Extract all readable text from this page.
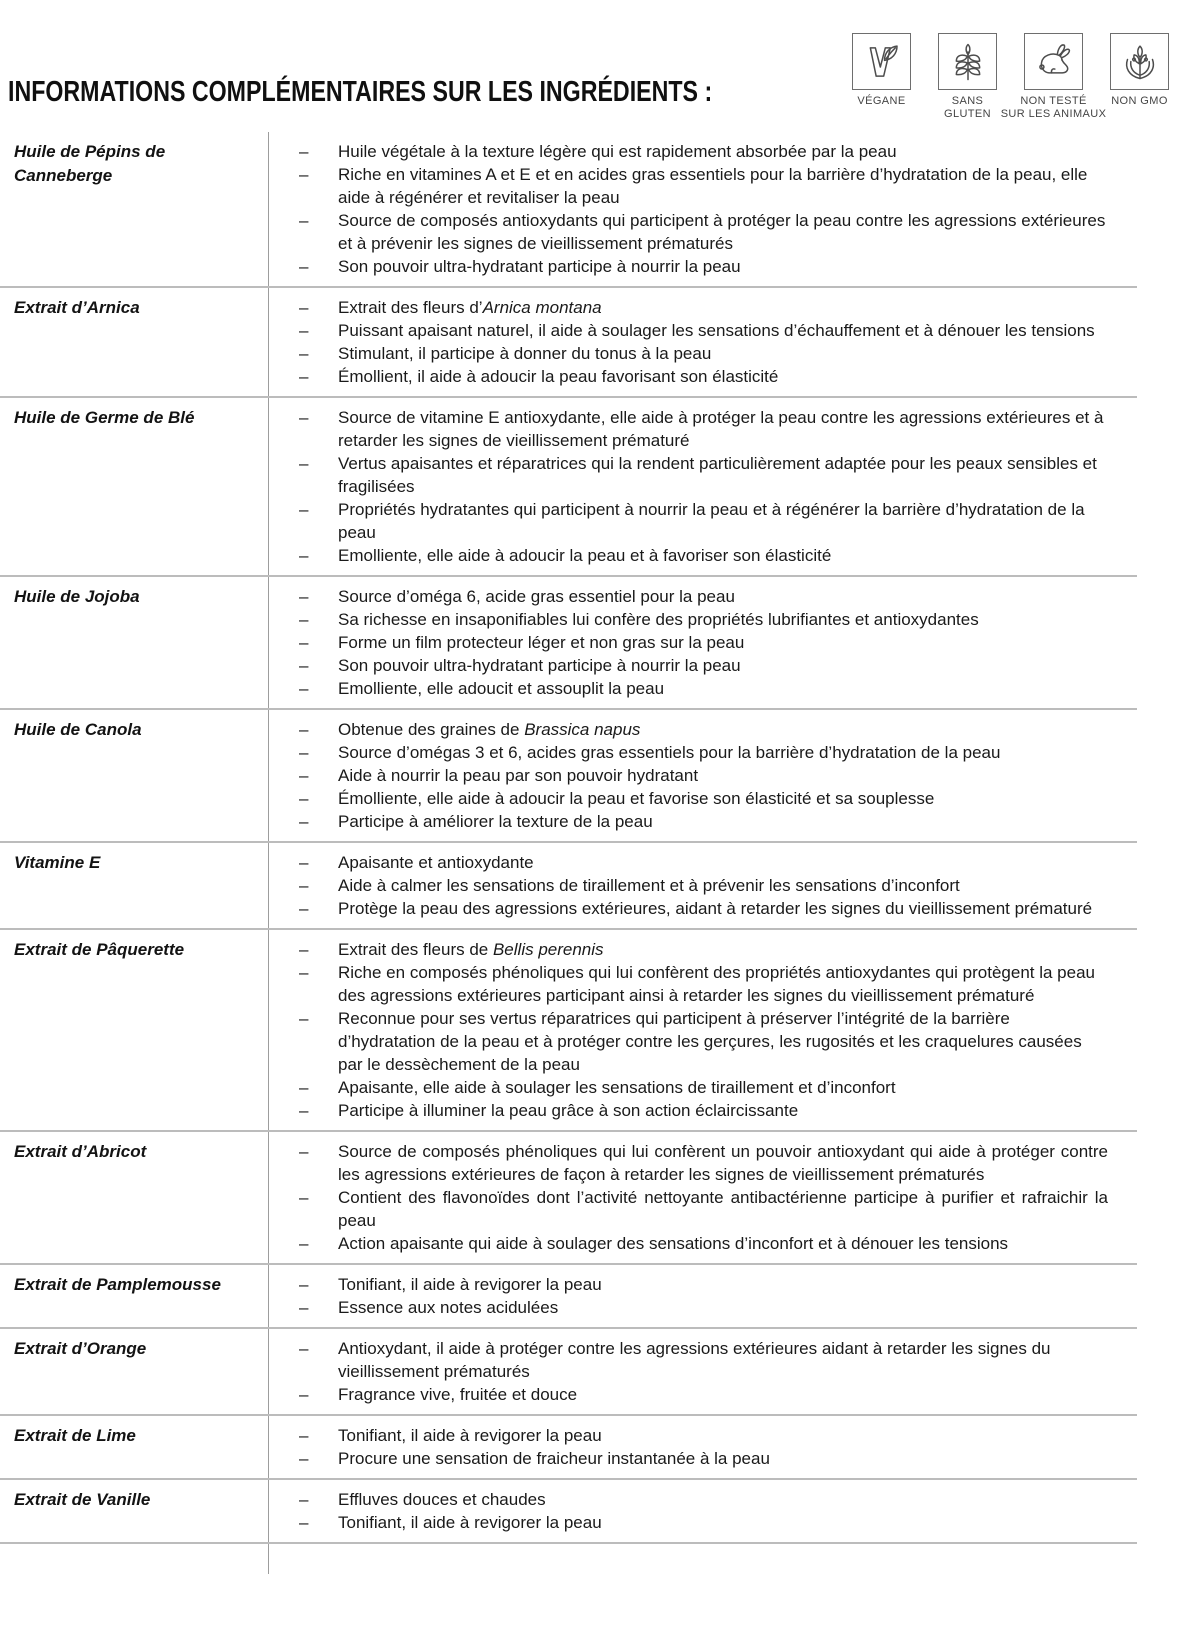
INFORMATIONS COMPLÉMENTAIRES SUR LES INGRÉDIENTS :	VÉGANE	SANS
GLUTEN
NON TESTÉ
SUR LES ANIMAUX
NON GMO
Huile de Pépins de Canneberge
–	Huile végétale à la texture légère qui est rapidement absorbée par la peau
–	Riche en vitamines A et E et en acides gras essentiels pour la barrière d’hydratation de la peau, elle aide à régénérer et revitaliser la peau
–	Source de composés antioxydants qui participent à protéger la peau contre les agressions extérieures et à prévenir les signes de vieillissement prématurés
–	Son pouvoir ultra-hydratant participe à nourrir la peau
Extrait d’Arnica	–	Extrait des fleurs d’Arnica montana
–	Puissant apaisant naturel, il aide à soulager les sensations d’échauffement et à dénouer les tensions
–	Stimulant, il participe à donner du tonus à la peau
–	Émollient, il aide à adoucir la peau favorisant son élasticité
Huile de Germe de Blé	–	Source de vitamine E antioxydante, elle aide à protéger la peau contre les agressions extérieures et à retarder les signes de vieillissement prématuré
–	Vertus apaisantes et réparatrices qui la rendent particulièrement adaptée pour les peaux sensibles et fragilisées
–	Propriétés hydratantes qui participent à nourrir la peau et à régénérer la barrière d’hydratation de la peau
–	Emolliente, elle aide à adoucir la peau et à favoriser son élasticité
Huile de Jojoba	–	Source d’oméga 6, acide gras essentiel pour la peau
–	Sa richesse en insaponifiables lui confère des propriétés lubrifiantes et antioxydantes
–	Forme un film protecteur léger et non gras sur la peau
–	Son pouvoir ultra-hydratant participe à nourrir la peau
–	Emolliente, elle adoucit et assouplit la peau
Huile de Canola	–	Obtenue des graines de Brassica napus
–	Source d’omégas 3 et 6, acides gras essentiels pour la barrière d’hydratation de la peau
–	Aide à nourrir la peau par son pouvoir hydratant
–	Émolliente, elle aide à adoucir la peau et favorise son élasticité et sa souplesse
–	Participe à améliorer la texture de la peau
Vitamine E	–	Apaisante et antioxydante
–	Aide à calmer les sensations de tiraillement et à prévenir les sensations d’inconfort
–	Protège la peau des agressions extérieures, aidant à retarder les signes du vieillissement prématuré
Extrait de Pâquerette	–	Extrait des fleurs de Bellis perennis
–	Riche en composés phénoliques qui lui confèrent des propriétés antioxydantes qui protègent la peau des agressions extérieures participant ainsi à retarder les signes du vieillissement prématuré
–	Reconnue pour ses vertus réparatrices qui participent à préserver l’intégrité de la barrière d’hydratation de la peau et à protéger contre les gerçures, les rugosités et les craquelures causées par le dessèchement de la peau
–	Apaisante, elle aide à soulager les sensations de tiraillement et d’inconfort
–	Participe à illuminer la peau grâce à son action éclaircissante
Extrait d’Abricot	–	Source de composés phénoliques qui lui confèrent un pouvoir antioxydant qui aide à protéger contre les agressions extérieures de façon à retarder les signes de vieillissement prématurés
–	Contient des flavonoïdes dont l’activité nettoyante antibactérienne participe à purifier et rafraichir la peau
–	Action apaisante qui aide à soulager des sensations d’inconfort et à dénouer les tensions
Extrait de Pamplemousse	–	Tonifiant, il aide à revigorer la peau
–	Essence aux notes acidulées
Extrait d’Orange	–	Antioxydant, il aide à protéger contre les agressions extérieures aidant à retarder les signes du vieillissement prématurés
–	Fragrance vive, fruitée et douce
Extrait de Lime	–	Tonifiant, il aide à revigorer la peau
–	Procure une sensation de fraicheur instantanée à la peau
Extrait de Vanille	–	Effluves douces et chaudes
–	Tonifiant, il aide à revigorer la peau
